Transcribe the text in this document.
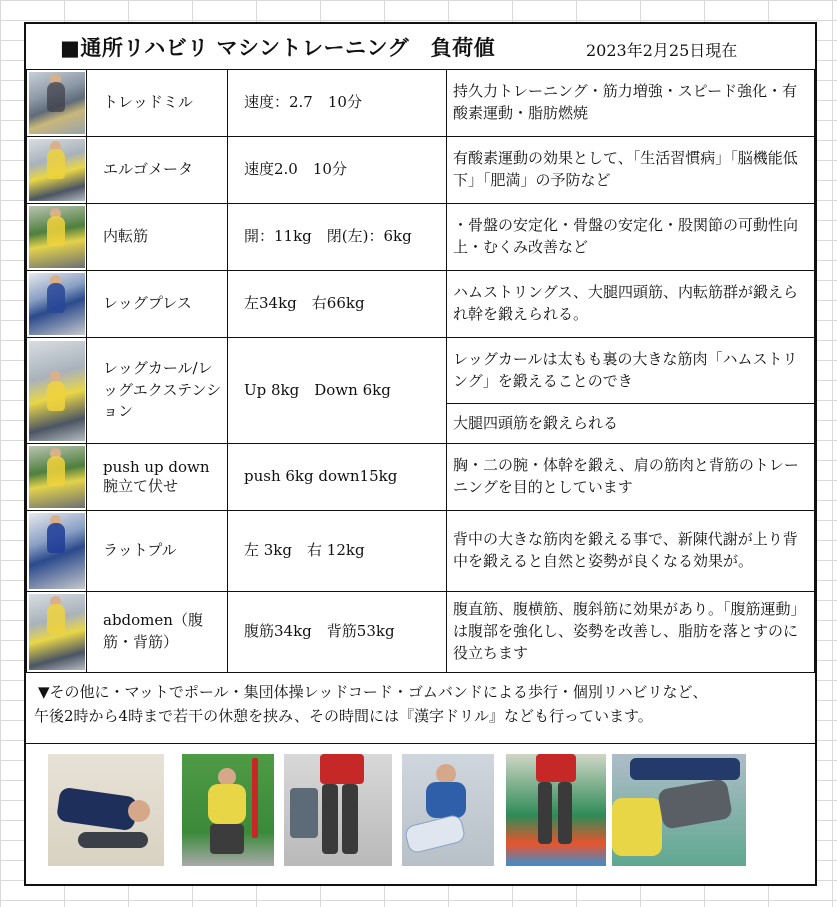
■通所リハビリ マシントレーニング　負荷値	2023年2月25日現在
	トレッドミル	速度：2.7　10分	持久力トレーニング・筋力増強・スピード強化・有酸素運動・脂肪燃焼

	エルゴメータ	速度2.0　10分	有酸素運動の効果として、「生活習慣病」「脳機能低下」「肥満」の予防など

	内転筋	開：11kg　閉(左)：6kg	・骨盤の安定化・骨盤の安定化・股関節の可動性向上・むくみ改善など

	レッグプレス	左34kg　右66kg	ハムストリングス、大腿四頭筋、内転筋群が鍛えられ幹を鍛えられる。

	レッグカール/レッグエクステンション	Up 8kg　Down 6kg	レッグカールは太もも裏の大きな筋肉「ハムストリング」を鍛えることのでき
			大腿四頭筋を鍛えられる

	push up down
腕立て伏せ	push 6kg down15kg	胸・二の腕・体幹を鍛え、肩の筋肉と背筋のトレーニングを目的としています

	ラットプル	左 3kg　右 12kg	背中の大きな筋肉を鍛える事で、新陳代謝が上り背中を鍛えると自然と姿勢が良くなる効果が。

	abdomen（腹筋・背筋）	腹筋34kg　背筋53kg	腹直筋、腹横筋、腹斜筋に効果があり。「腹筋運動」は腹部を強化し、姿勢を改善し、脂肪を落とすのに役立ちます

▼その他に・マットでポール・集団体操レッドコード・ゴムバンドによる歩行・個別リハビリなど、

午後2時から4時まで若干の休憩を挟み、その時間には『漢字ドリル』なども行っています。
